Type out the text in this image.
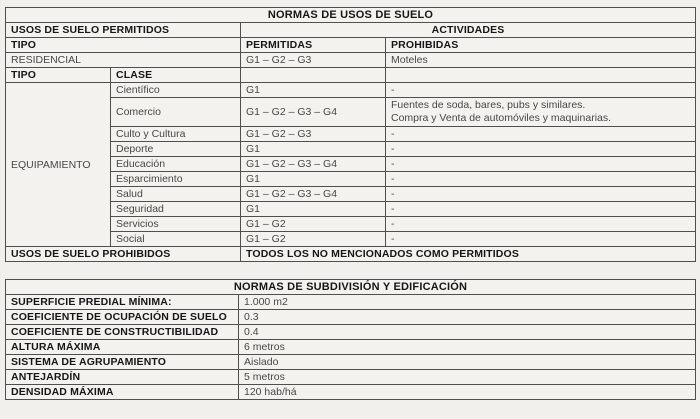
NORMAS DE USOS DE SUELO			
USOS DE SUELO PERMITIDOS		ACTIVIDADES	
TIPO		PERMITIDAS	PROHIBIDAS
RESIDENCIAL		G1 – G2 – G3	Moteles
TIPO	CLASE		
EQUIPAMIENTO	Científico	G1	-
	Comercio	G1 – G2 – G3 – G4	Fuentes de soda, bares, pubs y similares.
Compra y Venta de automóviles y maquinarias.

	Culto y Cultura	G1 – G2 – G3	-
	Deporte	G1	-
	Educación	G1 – G2 – G3 – G4	-
	Esparcimiento	G1	-
	Salud	G1 – G2 – G3 – G4	-
	Seguridad	G1	-
	Servicios	G1 – G2	-
	Social	G1 – G2	-
USOS DE SUELO PROHIBIDOS		TODOS LOS NO MENCIONADOS COMO PERMITIDOS	
NORMAS DE SUBDIVISIÓN Y EDIFICACIÓN	
SUPERFICIE PREDIAL MÍNIMA:	1.000 m2
COEFICIENTE DE OCUPACIÓN DE SUELO	0.3
COEFICIENTE DE CONSTRUCTIBILIDAD	0.4
ALTURA MÁXIMA	6 metros
SISTEMA DE AGRUPAMIENTO	Aislado
ANTEJARDÍN	5 metros
DENSIDAD MÁXIMA	120 hab/há
